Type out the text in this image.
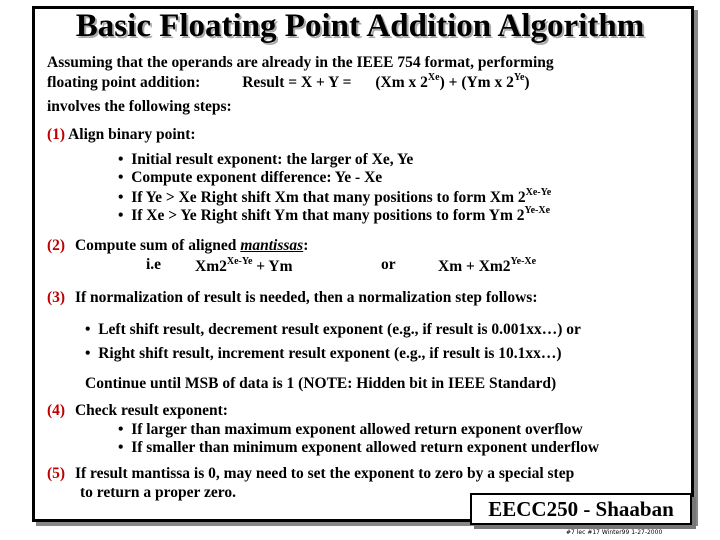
Basic Floating Point Addition Algorithm
Assuming that the operands are already in the IEEE 754 format, performing
floating point addition:	Result = X + Y = (Xm x $2^{Xe}) + (Ym$ x $2^{Ye}$)
involves the following steps:
(1) Align binary point:
•  Initial result exponent: the larger of Xe, Ye
•  Compute exponent difference: Ye - Xe
•  If Ye > Xe Right shift Xm that many positions to form Xm $2^{Xe-Ye}$
•  If Xe > Ye Right shift Ym that many positions to form Ym $2^{Ye-Xe}$
(2) Compute sum of aligned mantissas:
i.e $Xm2^{Xe-Ye} + Ym$	or	$Xm + Xm2^{Ye-Xe}$
(3) If normalization of result is needed, then a normalization step follows:
•  Left shift result, decrement result exponent (e.g., if result is 0.001xx…) or
•  Right shift result, increment result exponent (e.g., if result is 10.1xx…)
Continue until MSB of data is 1 (NOTE: Hidden bit in IEEE Standard)
(4) Check result exponent:
•  If larger than maximum exponent allowed return exponent overflow
•  If smaller than minimum exponent allowed return exponent underflow
(5) If result mantissa is 0, may need to set the exponent to zero by a special step
to return a proper zero.
EECC250 - Shaaban
#7 lec #17 Winter99 1-27-2000
